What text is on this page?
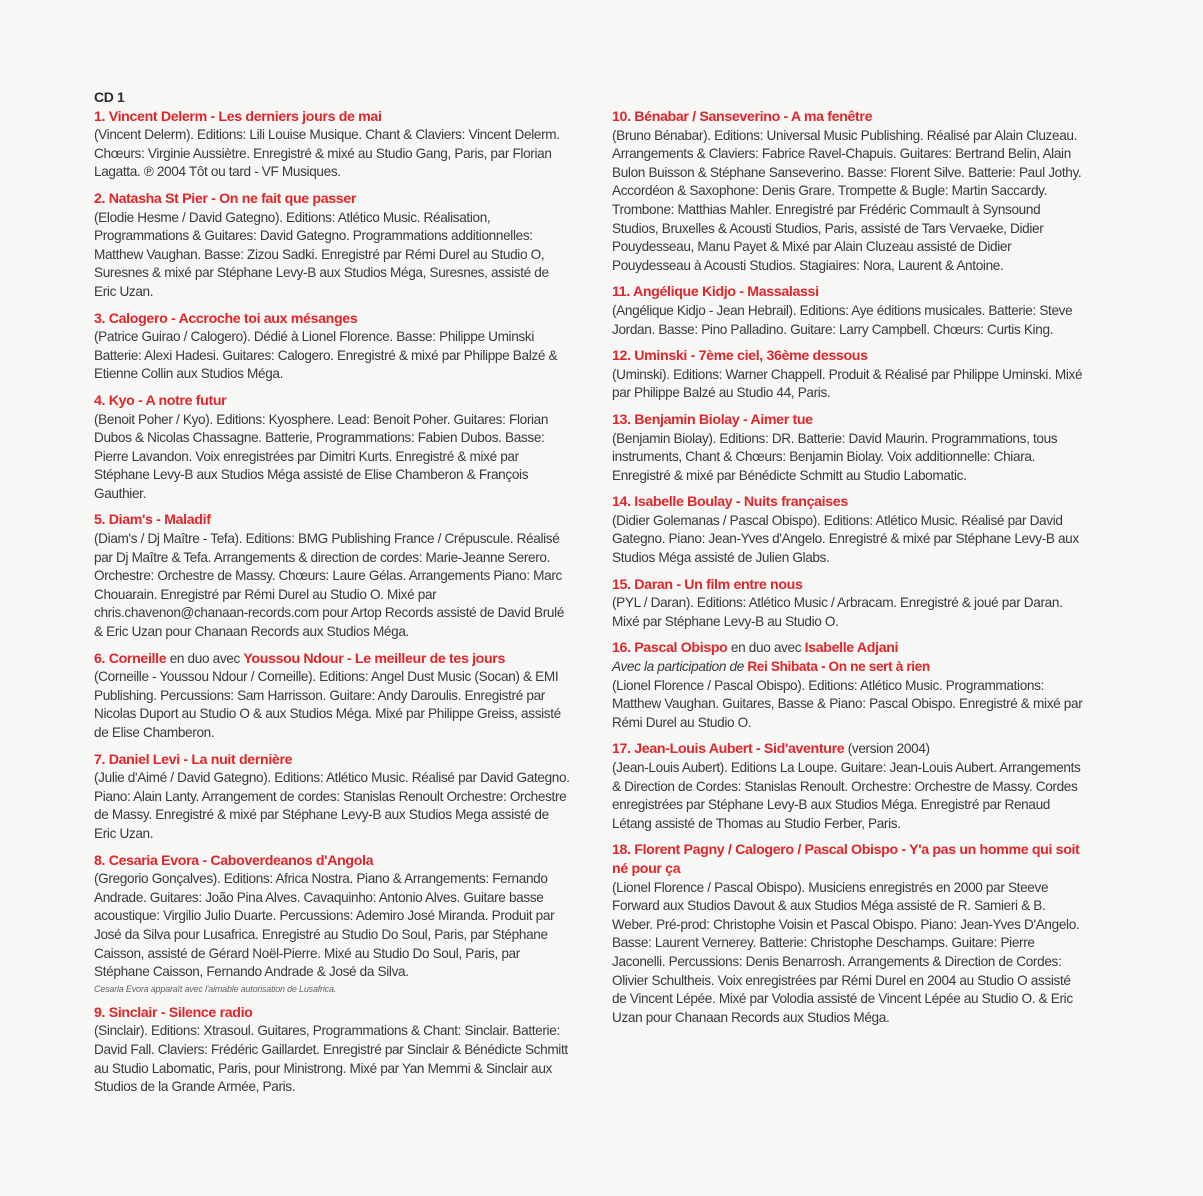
CD 1
1. Vincent Delerm - Les derniers jours de mai
(Vincent Delerm). Editions: Lili Louise Musique. Chant & Claviers: Vincent Delerm. Chœurs: Virginie Aussiètre. Enregistré & mixé au Studio Gang, Paris, par Florian Lagatta. ℗ 2004 Tôt ou tard - VF Musiques.
2. Natasha St Pier - On ne fait que passer
(Elodie Hesme / David Gategno). Editions: Atlético Music. Réalisation, Programmations & Guitares: David Gategno. Programmations additionnelles: Matthew Vaughan. Basse: Zizou Sadki. Enregistré par Rémi Durel au Studio O, Suresnes & mixé par Stéphane Levy-B aux Studios Méga, Suresnes, assisté de Eric Uzan.
3. Calogero - Accroche toi aux mésanges
(Patrice Guirao / Calogero). Dédié à Lionel Florence. Basse: Philippe Uminski Batterie: Alexi Hadesi. Guitares: Calogero. Enregistré & mixé par Philippe Balzé & Etienne Collin aux Studios Méga.
4. Kyo - A notre futur
(Benoit Poher / Kyo). Editions: Kyosphere. Lead: Benoit Poher. Guitares: Florian Dubos & Nicolas Chassagne. Batterie, Programmations: Fabien Dubos. Basse: Pierre Lavandon. Voix enregistrées par Dimitri Kurts. Enregistré & mixé par Stéphane Levy-B aux Studios Méga assisté de Elise Chamberon & François Gauthier.
5. Diam's - Maladif
(Diam's / Dj Maître - Tefa). Editions: BMG Publishing France / Crépuscule. Réalisé par Dj Maître & Tefa. Arrangements & direction de cordes: Marie-Jeanne Serero. Orchestre: Orchestre de Massy. Chœurs: Laure Gélas. Arrangements Piano: Marc Chouarain. Enregistré par Rémi Durel au Studio O. Mixé par chris.chavenon@chanaan-records.com pour Artop Records assisté de David Brulé & Eric Uzan pour Chanaan Records aux Studios Méga.
6. Corneille en duo avec Youssou Ndour - Le meilleur de tes jours
(Corneille - Youssou Ndour / Corneille). Editions: Angel Dust Music (Socan) & EMI Publishing. Percussions: Sam Harrisson. Guitare: Andy Daroulis. Enregistré par Nicolas Duport au Studio O & aux Studios Méga. Mixé par Philippe Greiss, assisté de Elise Chamberon.
7. Daniel Levi - La nuit dernière
(Julie d'Aimé / David Gategno). Editions: Atlético Music. Réalisé par David Gategno. Piano: Alain Lanty. Arrangement de cordes: Stanislas Renoult Orchestre: Orchestre de Massy. Enregistré & mixé par Stéphane Levy-B aux Studios Mega assisté de Eric Uzan.
8. Cesaria Evora - Caboverdeanos d'Angola
(Gregorio Gonçalves). Editions: Africa Nostra. Piano & Arrangements: Fernando Andrade. Guitares: João Pina Alves. Cavaquinho: Antonio Alves. Guitare basse acoustique: Virgilio Julio Duarte. Percussions: Ademiro José Miranda. Produit par José da Silva pour Lusafrica. Enregistré au Studio Do Soul, Paris, par Stéphane Caisson, assisté de Gérard Noël-Pierre. Mixé au Studio Do Soul, Paris, par Stéphane Caisson, Fernando Andrade & José da Silva.
Cesaria Evora apparaît avec l'aimable autorisation de Lusafrica.
9. Sinclair - Silence radio
(Sinclair). Editions: Xtrasoul. Guitares, Programmations & Chant: Sinclair. Batterie: David Fall. Claviers: Frédéric Gaillardet. Enregistré par Sinclair & Bénédicte Schmitt au Studio Labomatic, Paris, pour Ministrong. Mixé par Yan Memmi & Sinclair aux Studios de la Grande Armée, Paris.
10. Bénabar / Sanseverino - A ma fenêtre
(Bruno Bénabar). Editions: Universal Music Publishing. Réalisé par Alain Cluzeau. Arrangements & Claviers: Fabrice Ravel-Chapuis. Guitares: Bertrand Belin, Alain Bulon Buisson & Stéphane Sanseverino. Basse: Florent Silve. Batterie: Paul Jothy. Accordéon & Saxophone: Denis Grare. Trompette & Bugle: Martin Saccardy. Trombone: Matthias Mahler. Enregistré par Frédéric Commault à Synsound Studios, Bruxelles & Acousti Studios, Paris, assisté de Tars Vervaeke, Didier Pouydesseau, Manu Payet & Mixé par Alain Cluzeau assisté de Didier Pouydesseau à Acousti Studios. Stagiaires: Nora, Laurent & Antoine.
11. Angélique Kidjo - Massalassi
(Angélique Kidjo - Jean Hebrail). Editions: Aye éditions musicales. Batterie: Steve Jordan. Basse: Pino Palladino. Guitare: Larry Campbell. Chœurs: Curtis King.
12. Uminski - 7ème ciel, 36ème dessous
(Uminski). Editions: Warner Chappell. Produit & Réalisé par Philippe Uminski. Mixé par Philippe Balzé au Studio 44, Paris.
13. Benjamin Biolay - Aimer tue
(Benjamin Biolay). Editions: DR. Batterie: David Maurin. Programmations, tous instruments, Chant & Chœurs: Benjamin Biolay. Voix additionnelle: Chiara. Enregistré & mixé par Bénédicte Schmitt au Studio Labomatic.
14. Isabelle Boulay - Nuits françaises
(Didier Golemanas / Pascal Obispo). Editions: Atlético Music. Réalisé par David Gategno. Piano: Jean-Yves d'Angelo. Enregistré & mixé par Stéphane Levy-B aux Studios Méga assisté de Julien Glabs.
15. Daran - Un film entre nous
(PYL / Daran). Editions: Atlético Music / Arbracam. Enregistré & joué par Daran. Mixé par Stéphane Levy-B au Studio O.
16. Pascal Obispo en duo avec Isabelle Adjani
Avec la participation de Rei Shibata - On ne sert à rien
(Lionel Florence / Pascal Obispo). Editions: Atlético Music. Programmations: Matthew Vaughan. Guitares, Basse & Piano: Pascal Obispo. Enregistré & mixé par Rémi Durel au Studio O.
17. Jean-Louis Aubert - Sid'aventure (version 2004)
(Jean-Louis Aubert). Editions La Loupe. Guitare: Jean-Louis Aubert. Arrangements & Direction de Cordes: Stanislas Renoult. Orchestre: Orchestre de Massy. Cordes enregistrées par Stéphane Levy-B aux Studios Méga. Enregistré par Renaud Létang assisté de Thomas au Studio Ferber, Paris.
18. Florent Pagny / Calogero / Pascal Obispo - Y'a pas un homme qui soit né pour ça
(Lionel Florence / Pascal Obispo). Musiciens enregistrés en 2000 par Steeve Forward aux Studios Davout & aux Studios Méga assisté de R. Samieri & B. Weber. Pré-prod: Christophe Voisin et Pascal Obispo. Piano: Jean-Yves D'Angelo. Basse: Laurent Vernerey. Batterie: Christophe Deschamps. Guitare: Pierre Jaconelli. Percussions: Denis Benarrosh. Arrangements & Direction de Cordes: Olivier Schultheis. Voix enregistrées par Rémi Durel en 2004 au Studio O assisté de Vincent Lépée. Mixé par Volodia assisté de Vincent Lépée au Studio O. & Eric Uzan pour Chanaan Records aux Studios Méga.
